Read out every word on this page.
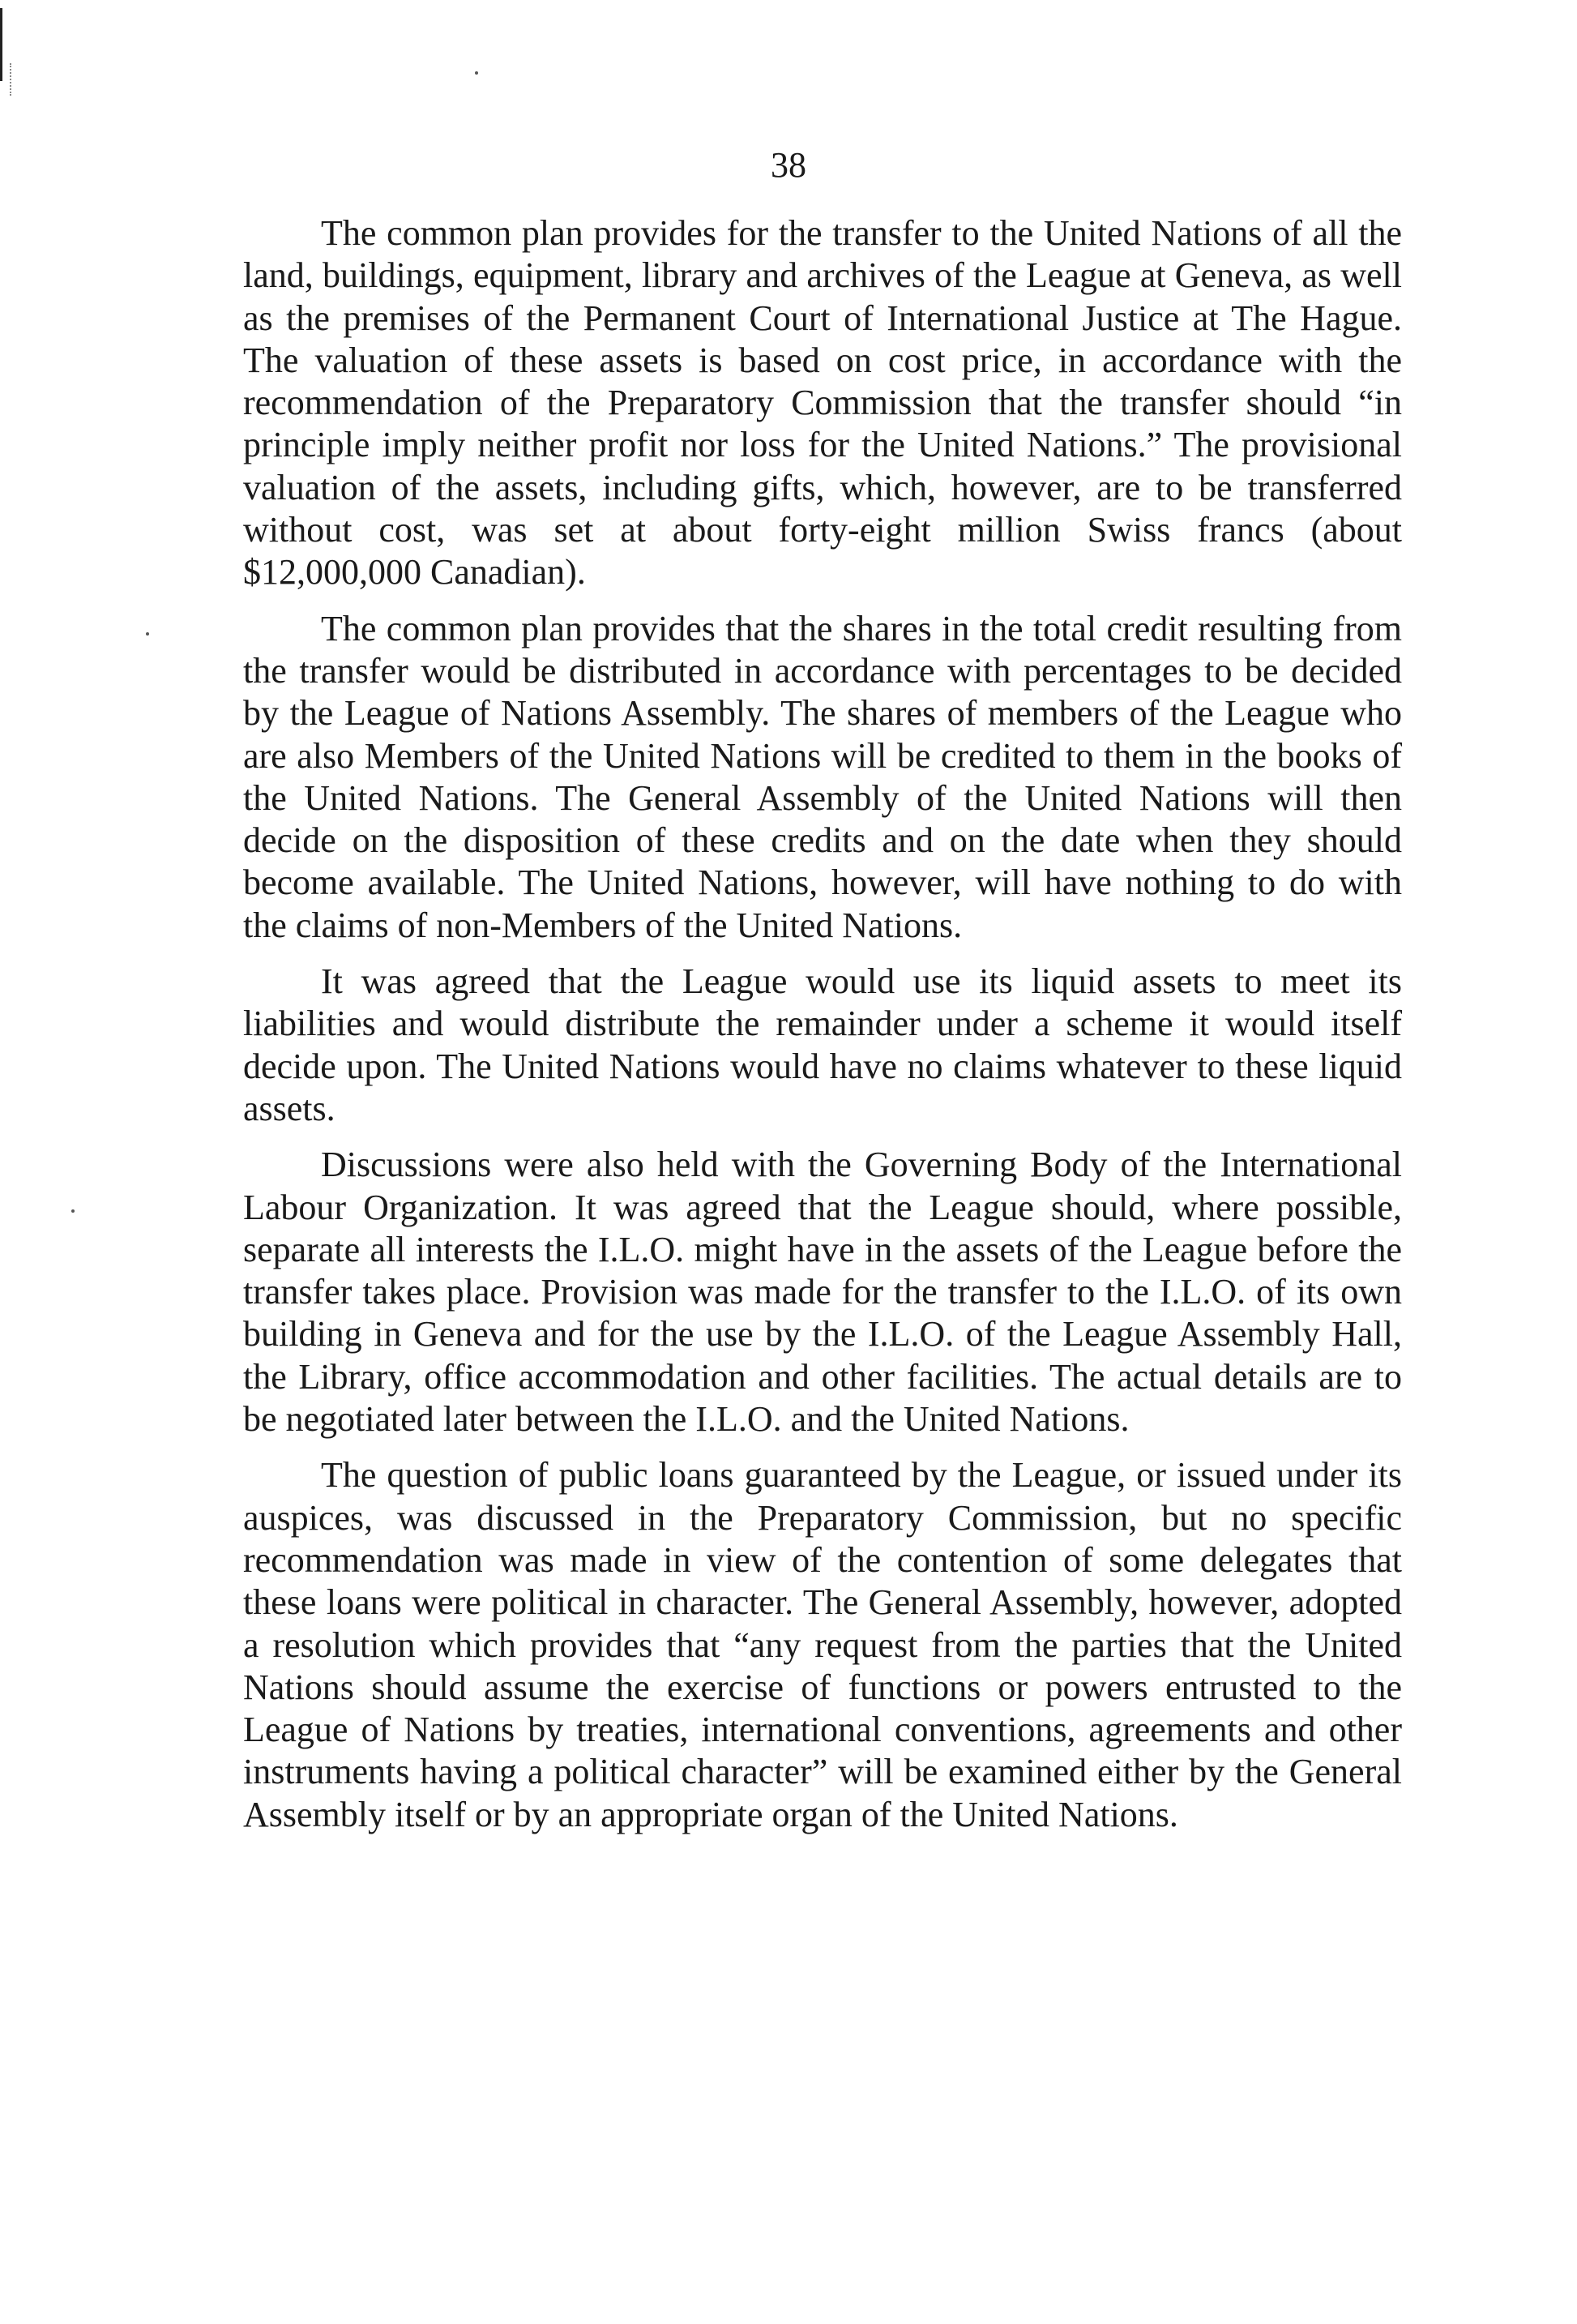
38

The common plan provides for the transfer to the United Nations of all the land, buildings, equipment, library and archives of the League at Geneva, as well as the premises of the Permanent Court of International Justice at The Hague. The valuation of these assets is based on cost price, in accordance with the recommendation of the Preparatory Commission that the transfer should “in principle imply neither profit nor loss for the United Nations.” The provisional valuation of the assets, including gifts, which, however, are to be transferred without cost, was set at about forty-eight million Swiss francs (about $12,000,000 Canadian).

The common plan provides that the shares in the total credit resulting from the transfer would be distributed in accordance with percentages to be decided by the League of Nations Assembly. The shares of members of the League who are also Members of the United Nations will be credited to them in the books of the United Nations. The General Assembly of the United Nations will then decide on the disposition of these credits and on the date when they should become available. The United Nations, however, will have nothing to do with the claims of non-Members of the United Nations.

It was agreed that the League would use its liquid assets to meet its liabilities and would distribute the remainder under a scheme it would itself decide upon. The United Nations would have no claims whatever to these liquid assets.

Discussions were also held with the Governing Body of the International Labour Organization. It was agreed that the League should, where possible, separate all interests the I.L.O. might have in the assets of the League before the transfer takes place. Provision was made for the transfer to the I.L.O. of its own building in Geneva and for the use by the I.L.O. of the League Assembly Hall, the Library, office accommodation and other facilities. The actual details are to be negotiated later between the I.L.O. and the United Nations.

The question of public loans guaranteed by the League, or issued under its auspices, was discussed in the Preparatory Commission, but no specific recommendation was made in view of the contention of some delegates that these loans were political in character. The General Assembly, however, adopted a resolution which provides that “any request from the parties that the United Nations should assume the exercise of functions or powers entrusted to the League of Nations by treaties, international conventions, agreements and other instruments having a political character” will be examined either by the General Assembly itself or by an appropriate organ of the United Nations.
